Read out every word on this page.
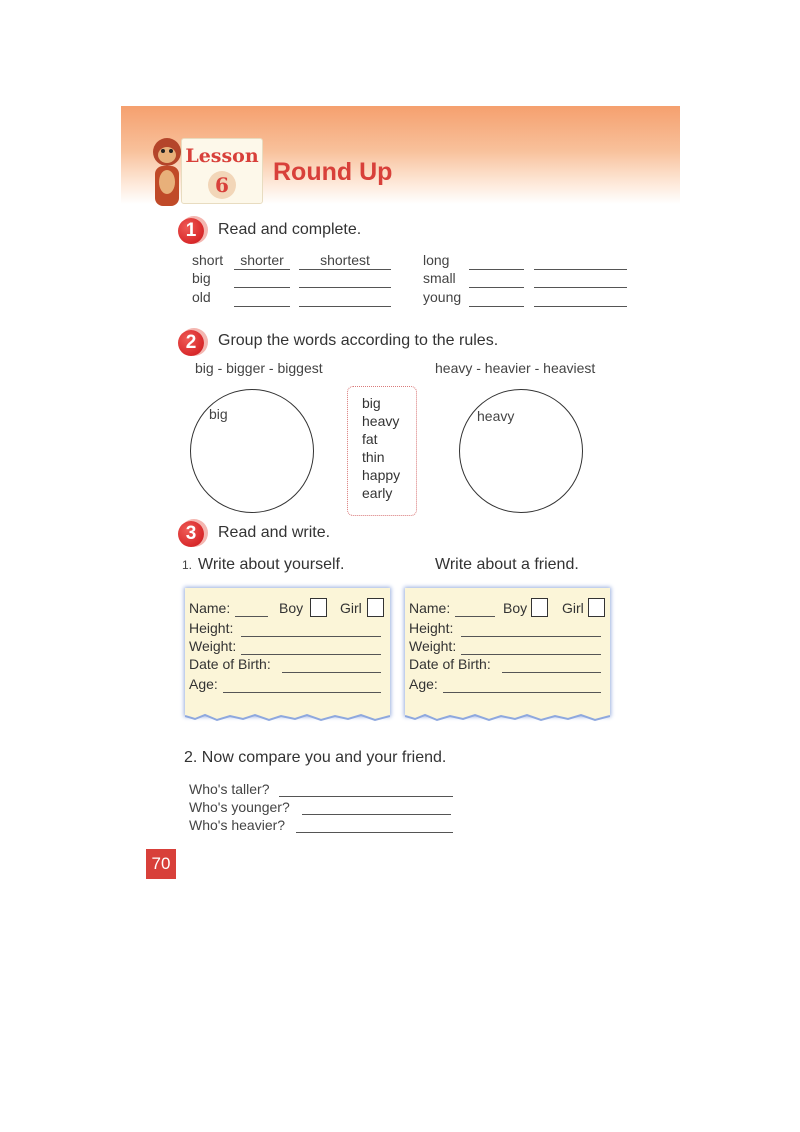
Lesson
6 Round Up
1	Read and complete.
short	shorter	shortest
big
old
long
small
young
2	Group the words according to the rules.
big - bigger - biggest	heavy - heavier - heaviest
big
big
heavy
fat
thin
happy
early
heavy
3	Read and write.
1. Write about yourself.	Write about a friend.
Name:	Boy	Girl
Height:
Weight:
Date of Birth:
Age:
Name:	Boy Girl
Height:
Weight:
Date of Birth:
Age:
2. Now compare you and your friend.
Who's taller?
Who's younger?
Who's heavier?
70
